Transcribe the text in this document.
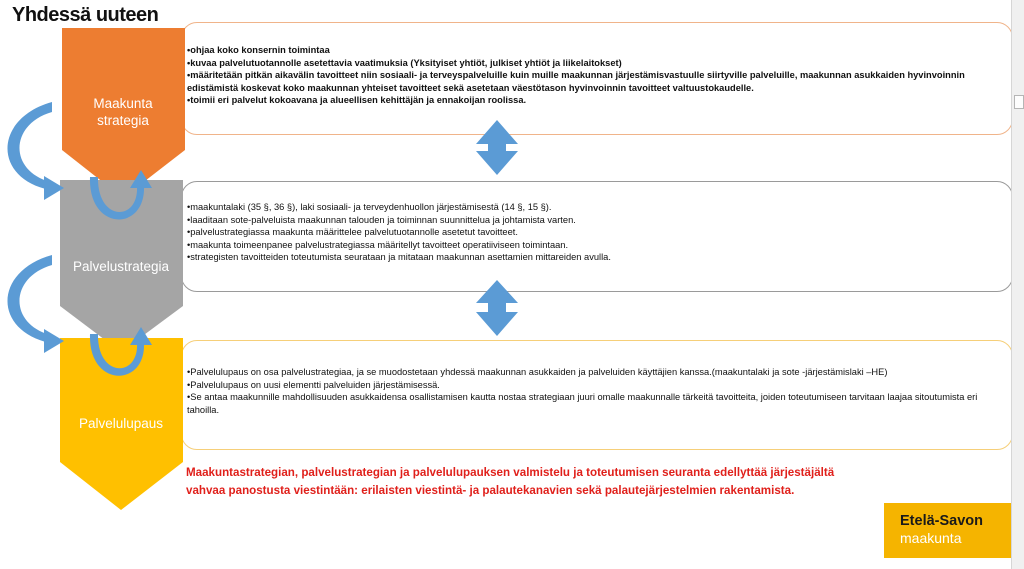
Yhdessä uuteen
• ohjaa koko konsernin toimintaa
• kuvaa palvelutuotannolle asetettavia vaatimuksia (Yksityiset yhtiöt, julkiset yhtiöt ja liikelaitokset)
• määritetään pitkän aikavälin tavoitteet niin sosiaali- ja terveyspalveluille kuin muille maakunnan järjestämisvastuulle siirtyville palveluille, maakunnan asukkaiden hyvinvoinnin edistämistä koskevat koko maakunnan yhteiset tavoitteet sekä asetetaan väestötason hyvinvoinnin tavoitteet valtuustokaudelle.
• toimii eri palvelut kokoavana ja alueellisen kehittäjän ja ennakoijan roolissa.
• maakuntalaki (35 §, 36 §), laki sosiaali- ja terveydenhuollon järjestämisestä (14 §, 15 §).
• laaditaan sote-palveluista maakunnan talouden ja toiminnan suunnittelua ja johtamista varten.
• palvelustrategiassa maakunta määrittelee palvelutuotannolle asetetut tavoitteet.
• maakunta toimeenpanee palvelustrategiassa määritellyt tavoitteet operatiiviseen toimintaan.
• strategisten tavoitteiden toteutumista seurataan ja mitataan maakunnan asettamien mittareiden avulla.
• Palvelulupaus on osa palvelustrategiaa, ja se muodostetaan yhdessä maakunnan asukkaiden ja palveluiden käyttäjien kanssa.(maakuntalaki ja sote -järjestämislaki –HE)
• Palvelulupaus on uusi elementti palveluiden järjestämisessä.
• Se antaa maakunnille mahdollisuuden asukkaidensa osallistamisen kautta nostaa strategiaan juuri omalle maakunnalle tärkeitä tavoitteita, joiden toteutumiseen tarvitaan laajaa sitoutumista eri tahoilla.
Maakunta
strategia
Palvelustrategia
Palvelulupaus
Maakuntastrategian, palvelustrategian ja palvelulupauksen valmistelu ja toteutumisen seuranta edellyttää järjestäjältä
vahvaa panostusta viestintään: erilaisten viestintä- ja palautekanavien sekä palautejärjestelmien rakentamista.
Etelä-Savon
maakunta
